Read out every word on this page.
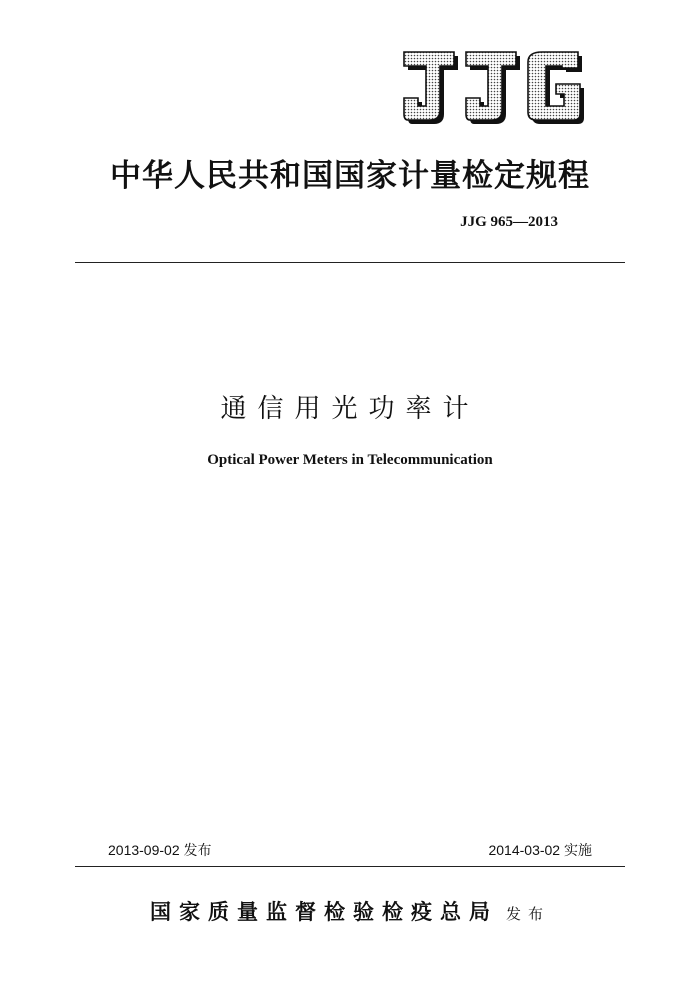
中华人民共和国国家计量检定规程
JJG 965—2013
通信用光功率计
Optical Power Meters in Telecommunication
2013-09-02 发布	2014-03-02 实施
国家质量监督检验检疫总局 发布
